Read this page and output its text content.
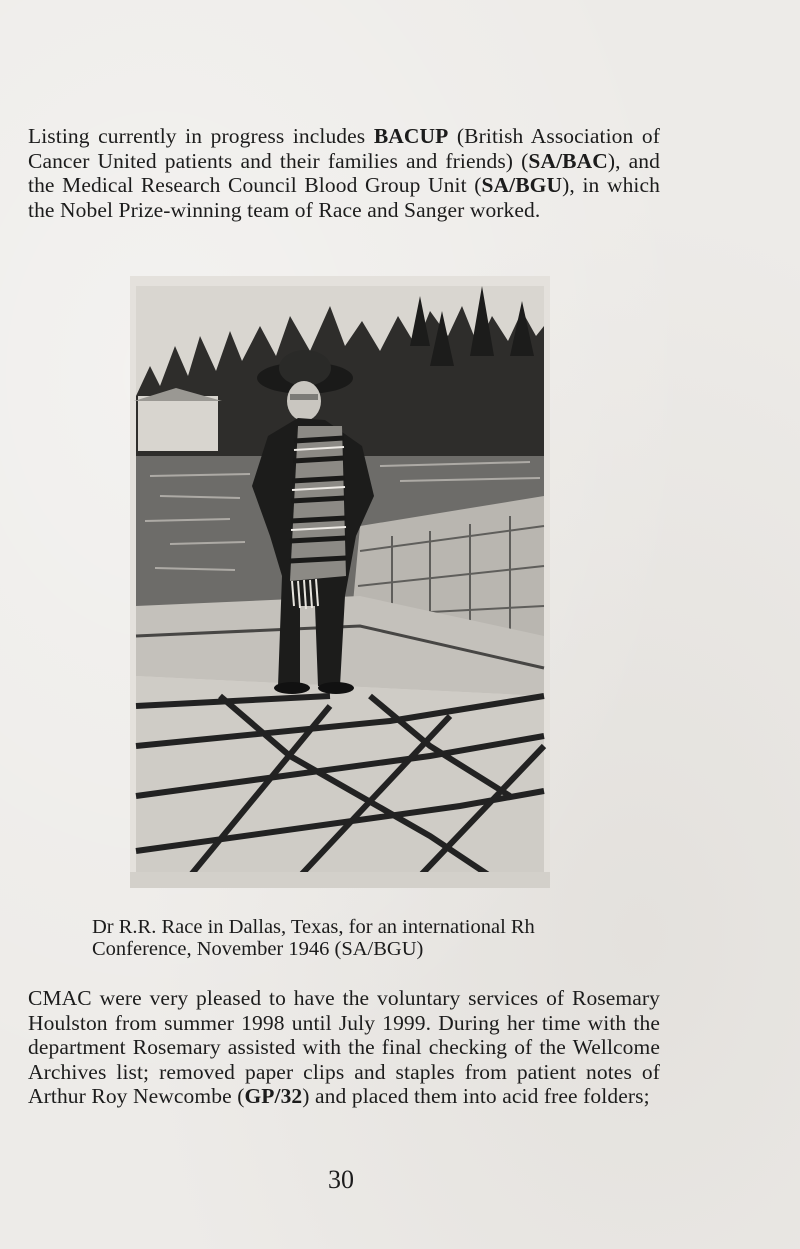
Listing currently in progress includes BACUP (British Association of Cancer United patients and their families and friends) (SA/BAC), and the Medical Research Council Blood Group Unit (SA/BGU), in which the Nobel Prize-winning team of Race and Sanger worked.

Dr R.R. Race in Dallas, Texas, for an international Rh

Conference, November 1946 (SA/BGU)

CMAC were very pleased to have the voluntary services of Rosemary Houlston from summer 1998 until July 1999. During her time with the department Rosemary assisted with the final checking of the Wellcome Archives list; removed paper clips and staples from patient notes of Arthur Roy Newcombe (GP/32) and placed them into acid free folders;

30
